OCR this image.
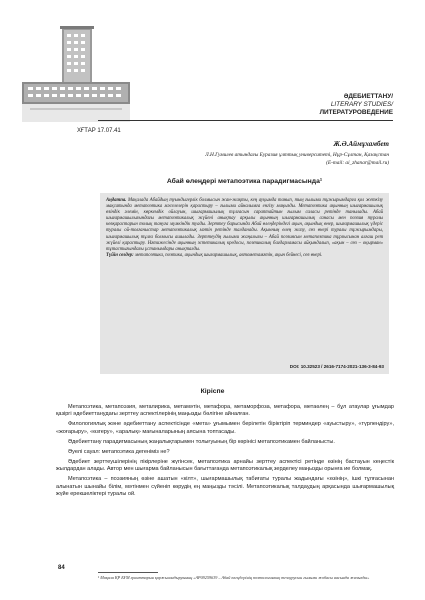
ӘДЕБИЕТТАНУ/
LITERARY STUDIES/
ЛИТЕРАТУРОВЕДЕНИЕ
ХҒТАР 17.07.41
Ж.Ә.Аймұхамбет
Л.Н.Гумилев атындағы Еуразия ұлттық университеті, Нұр-Сұлтан, Қазақстан
(E-mail: ai_zhanar@mail.ru)
Абай өлеңдері метапоэтика парадигмасында¹

Аңдатпа. Мақалада Абайдың туындыгерлік болмысын жан-жақты, кең ауқымда танып, тың ғылыми тұжырымдарға қол жеткізу мақсатында метапоэтика мәселелерін қарастыру – ғылыми айналымға енгізу маңызды. Метапоэтика ақынның шығармашылық өзіндік әлемін, көркемдік ойлауын, шығармашылық тұлғасын сараптайтын ғылым саласы ретінде танылады. Абай шығармашылығындағы метапоэтикалық жүйені анықтау арқылы ақынның шығармашылық санасы мен поэзия туралы көзқарастарын толық тануға мүмкіндік туады. Зерттеу барысында Абай өлеңдеріндегі ақын, ақындық өнер, шығармашылық үдеріс туралы ой-толғаныстар метапоэтикалық мәтін ретінде талданады. Ақынның өлең жазу, сөз өнері туралы тұжырымдары, шығармашылық тұлға болмысы ашылады. Зерттеудің ғылыми жаңалығы – Абай поэзиясын метапоэтика тұрғысынан алғаш рет жүйелі қарастыру. Нәтижесінде ақынның эстетикалық кредосы, поэтикалық бағдарламасы айқындалып, «ақын – сөз – оқырман» тұтастығындағы ұстанымдары анықталды.

Түйін сөздер: метапоэтика, поэтика, ақындық шығармашылық, автометамәтін, ақын бейнесі, сөз өнері.

DOI: 10.32523 / 2616-7174-2021-136-3-84-93
Кіріспе

Метапоэтика, метапоэзия, металирика, метамәтін, метафора, метаморфоза, метафора, метаөлең – бұл атаулар ұғымдар қазіргі әдебиеттанудағы зерттеу аспектілерінің маңызды бөлігіне айналған.

Филологиялық және әдебиеттану аспектісінде «мета» ұғымымен берілетін біріктіріп терминдер «ауыстыру», «түрлендіру», «жоғарыру», «өзгеру», «аралық» мағыналарының аясына топтасады.

Әдебиеттану парадигмасының жаңалықтарымен толығуының бір көрінісі метапоэтикамен байланысты.

Әуелі сауал: метапоэтика дегеніміз не?

Әдебиет зерттеушілерінің пікірлеріне жүгінсек, метапоэтика арнайы зерттеу аспектісі ретінде өзінің бастауын кеңестік жылдардан алады. Автор мен шығарма байланысын бағыттағанда метапоэтикалық зерделеу маңызды орынға ие болмақ.

Метапоэтика – поэзияның өзіне ашатын «кілт», шығармашылық табиғаты туралы жадындағы «өзінің», ішкі тұлғасынан алынатын шынайы білім, мәтінмен сүйеніп көрудің ең маңызды тәсілі. Метапоэтикалық талдаудың арқасында шығармашылық жүйе ерекшеліктері туралы ой.

84
¹ Мақала ҚР БҒМ гранттарын қаржыландыруының «AP09259639 – Абай өлеңдерінің поэтологиялық тезаурусын ғылыми жобасы аясында жазылды»
